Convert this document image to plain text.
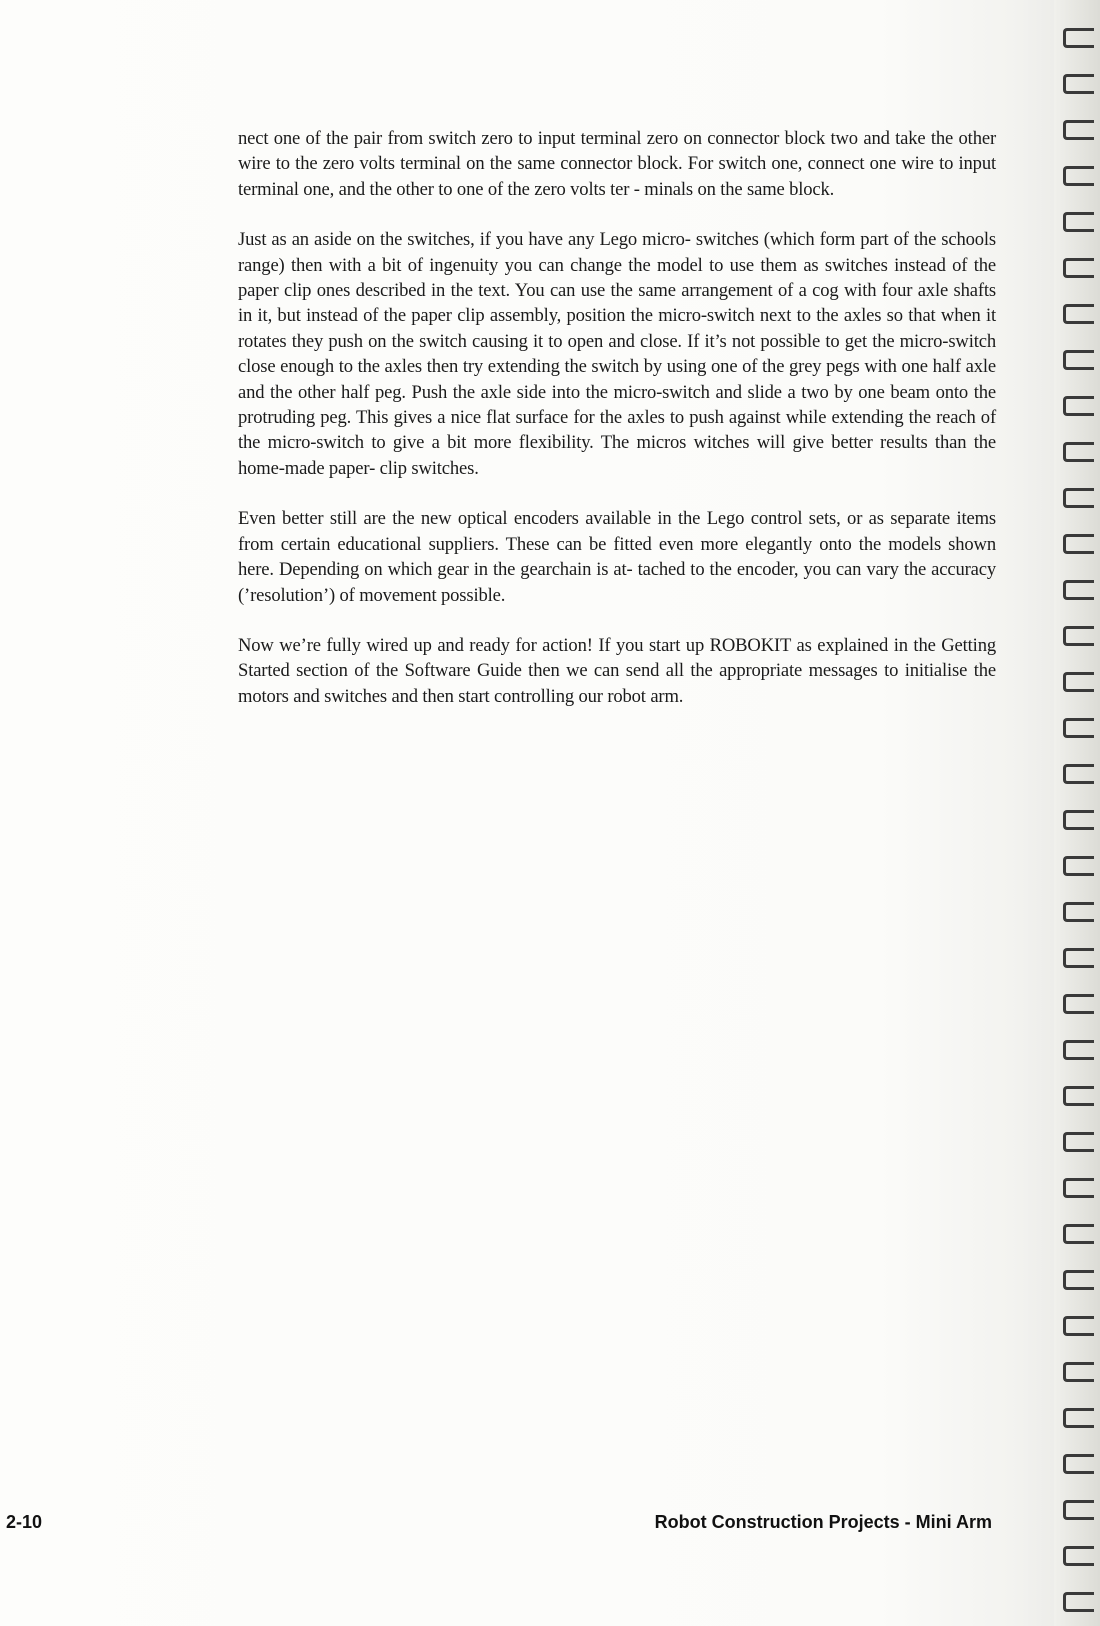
nect one of the pair from switch zero to input terminal zero on connector block two and take the other wire to the zero volts terminal on the same connector block. For switch one, connect one wire to input terminal one, and the other to one of the zero volts ter - minals on the same block.

Just as an aside on the switches, if you have any Lego micro- switches (which form part of the schools range) then with a bit of ingenuity you can change the model to use them as switches instead of the paper clip ones described in the text. You can use the same arrangement of a cog with four axle shafts in it, but instead of the paper clip assembly, position the micro-switch next to the axles so that when it rotates they push on the switch causing it to open and close. If it’s not possible to get the micro-switch close enough to the axles then try extending the switch by using one of the grey pegs with one half axle and the other half peg. Push the axle side into the micro-switch and slide a two by one beam onto the protruding peg. This gives a nice flat surface for the axles to push against while extending the reach of the micro-switch to give a bit more flexibility. The micros witches will give better results than the home-made paper- clip switches.

Even better still are the new optical encoders available in the Lego control sets, or as separate items from certain educational suppliers. These can be fitted even more elegantly onto the models shown here. Depending on which gear in the gearchain is at- tached to the encoder, you can vary the accuracy (’resolution’) of movement possible.

Now we’re fully wired up and ready for action! If you start up ROBOKIT as explained in the Getting Started section of the Software Guide then we can send all the appropriate messages to initialise the motors and switches and then start controlling our robot arm.

2-10	Robot Construction Projects - Mini Arm
